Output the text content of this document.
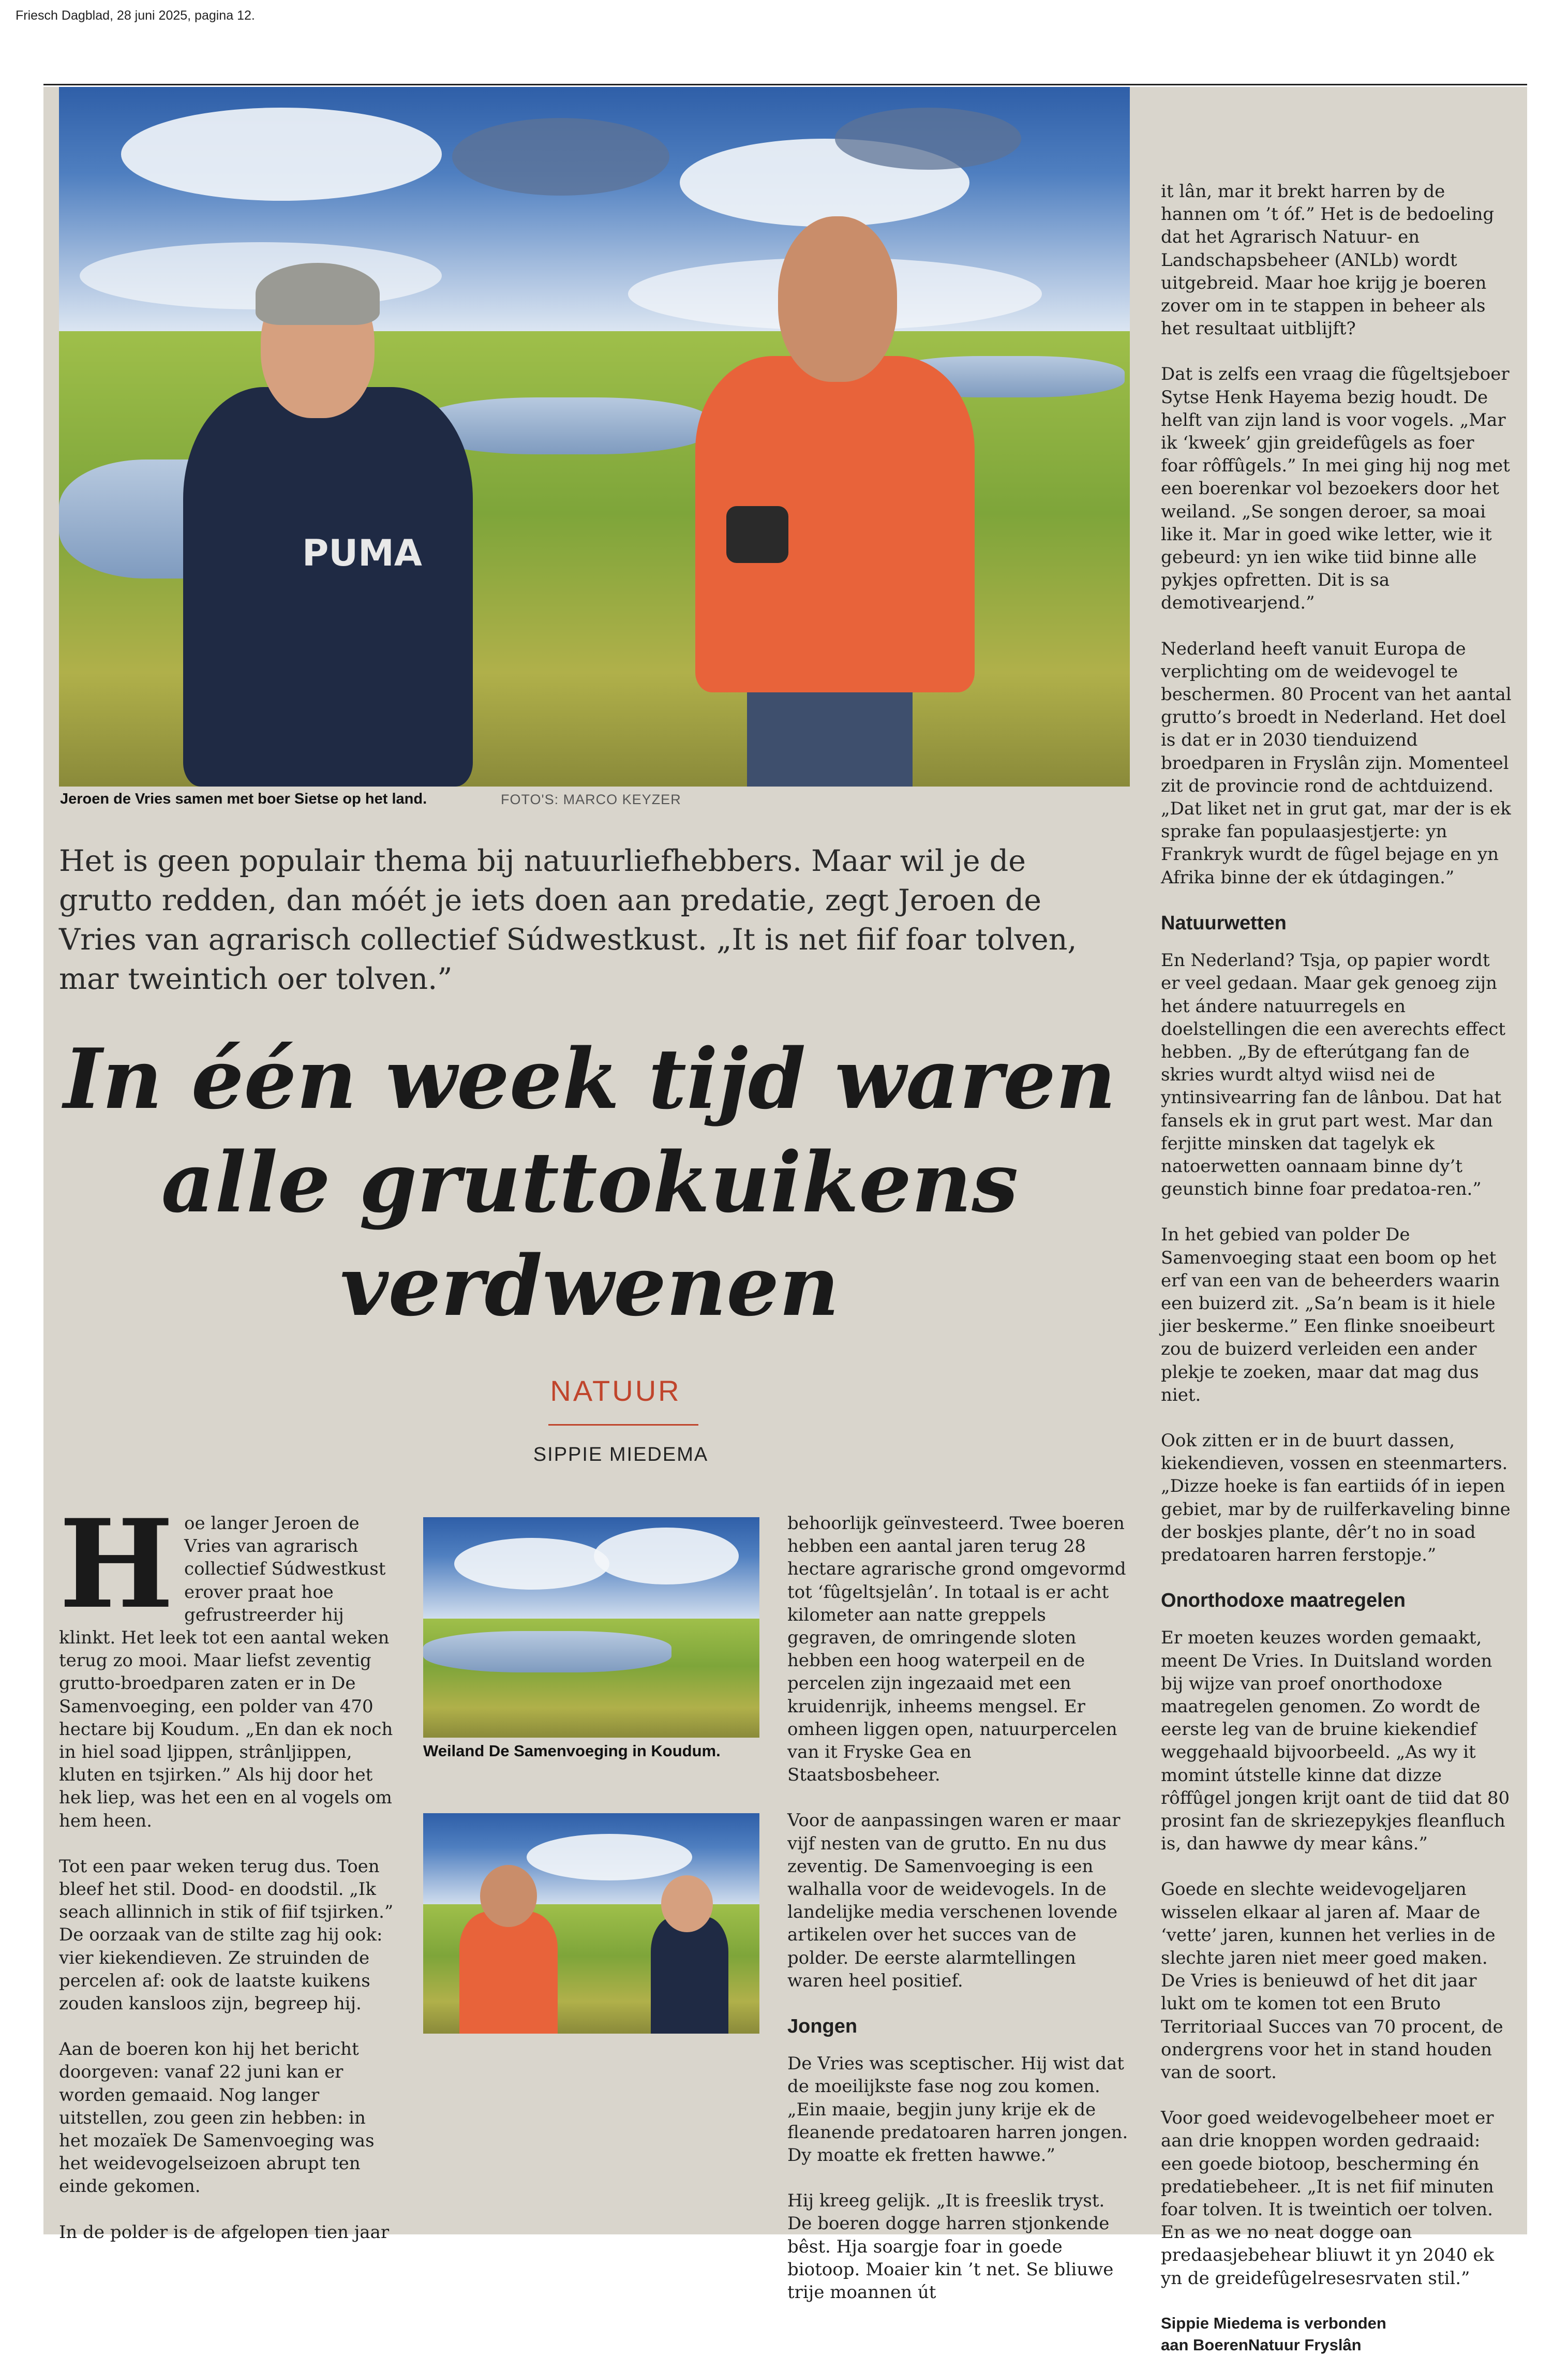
Friesch Dagblad, 28 juni 2025, pagina 12.
PUMA
Jeroen de Vries samen met boer Sietse op het land.	FOTO'S: MARCO KEYZER
Het is geen populair thema bij natuurliefhebbers. Maar wil je de grutto redden, dan móét je iets doen aan predatie, zegt Jeroen de Vries van agrarisch collectief Súdwestkust. „It is net fiif foar tolven, mar tweintich oer tolven.”
In één week tijd waren alle gruttokuikens verdwenen
NATUUR
SIPPIE MIEDEMA

Hoe langer Jeroen de Vries van agrarisch collectief Súdwestkust erover praat hoe gefrustreerder hij klinkt. Het leek tot een aantal weken terug zo mooi. Maar liefst zeventig grutto-broedparen zaten er in De Samenvoeging, een polder van 470 hectare bij Koudum. „En dan ek noch in hiel soad ljippen, strânljippen, kluten en tsjirken.” Als hij door het hek liep, was het een en al vogels om hem heen.

Tot een paar weken terug dus. Toen bleef het stil. Dood- en doodstil. „Ik seach allinnich in stik of fiif tsjirken.” De oorzaak van de stilte zag hij ook: vier kiekendieven. Ze struinden de percelen af: ook de laatste kuikens zouden kansloos zijn, begreep hij.

Aan de boeren kon hij het bericht doorgeven: vanaf 22 juni kan er worden gemaaid. Nog langer uitstellen, zou geen zin hebben: in het mozaïek De Samenvoeging was het weidevogelseizoen abrupt ten einde gekomen.

In de polder is de afgelopen tien jaar

Weiland De Samenvoeging in Koudum.

behoorlijk geïnvesteerd. Twee boeren hebben een aantal jaren terug 28 hectare agrarische grond omgevormd tot ‘fûgeltsjelân’. In totaal is er acht kilometer aan natte greppels gegraven, de omringende sloten hebben een hoog waterpeil en de percelen zijn ingezaaid met een kruidenrijk, inheems mengsel. Er omheen liggen open, natuurpercelen van it Fryske Gea en Staatsbosbeheer.

Voor de aanpassingen waren er maar vijf nesten van de grutto. En nu dus zeventig. De Samenvoeging is een walhalla voor de weidevogels. In de landelijke media verschenen lovende artikelen over het succes van de polder. De eerste alarmtellingen waren heel positief.

Jongen

De Vries was sceptischer. Hij wist dat de moeilijkste fase nog zou komen. „Ein maaie, begjin juny krije ek de fleanende predatoaren harren jongen. Dy moatte ek fretten hawwe.”

Hij kreeg gelijk. „It is freeslik tryst. De boeren dogge harren stjonkende bêst. Hja soargje foar in goede biotoop. Moaier kin ’t net. Se bliuwe trije moannen út

it lân, mar it brekt harren by de hannen om ’t óf.” Het is de bedoeling dat het Agrarisch Natuur- en Landschapsbeheer (ANLb) wordt uitgebreid. Maar hoe krijg je boeren zover om in te stappen in beheer als het resultaat uitblijft?

Dat is zelfs een vraag die fûgeltsjeboer Sytse Henk Hayema bezig houdt. De helft van zijn land is voor vogels. „Mar ik ‘kweek’ gjin greidefûgels as foer foar rôffûgels.” In mei ging hij nog met een boerenkar vol bezoekers door het weiland. „Se songen deroer, sa moai like it. Mar in goed wike letter, wie it gebeurd: yn ien wike tiid binne alle pykjes opfretten. Dit is sa demotivearjend.”

Nederland heeft vanuit Europa de verplichting om de weidevogel te beschermen. 80 Procent van het aantal grutto’s broedt in Nederland. Het doel is dat er in 2030 tienduizend broedparen in Fryslân zijn. Momenteel zit de provincie rond de achtduizend. „Dat liket net in grut gat, mar der is ek sprake fan populaasjestjerte: yn Frankryk wurdt de fûgel bejage en yn Afrika binne der ek útdagingen.”

Natuurwetten

En Nederland? Tsja, op papier wordt er veel gedaan. Maar gek genoeg zijn het ándere natuurregels en doelstellingen die een averechts effect hebben. „By de efterútgang fan de skries wurdt altyd wiisd nei de yntinsivearring fan de lânbou. Dat hat fansels ek in grut part west. Mar dan ferjitte minsken dat tagelyk ek natoerwetten oannaam binne dy’t geunstich binne foar predatoa-ren.”

In het gebied van polder De Samenvoeging staat een boom op het erf van een van de beheerders waarin een buizerd zit. „Sa’n beam is it hiele jier beskerme.” Een flinke snoeibeurt zou de buizerd verleiden een ander plekje te zoeken, maar dat mag dus niet.

Ook zitten er in de buurt dassen, kiekendieven, vossen en steenmarters. „Dizze hoeke is fan eartiids óf in iepen gebiet, mar by de ruilferkaveling binne der boskjes plante, dêr’t no in soad predatoaren harren ferstopje.”

Onorthodoxe maatregelen

Er moeten keuzes worden gemaakt, meent De Vries. In Duitsland worden bij wijze van proef onorthodoxe maatregelen genomen. Zo wordt de eerste leg van de bruine kiekendief weggehaald bijvoorbeeld. „As wy it momint útstelle kinne dat dizze rôffûgel jongen krijt oant de tiid dat 80 prosint fan de skriezepykjes fleanfluch is, dan hawwe dy mear kâns.”

Goede en slechte weidevogeljaren wisselen elkaar al jaren af. Maar de ‘vette’ jaren, kunnen het verlies in de slechte jaren niet meer goed maken. De Vries is benieuwd of het dit jaar lukt om te komen tot een Bruto Territoriaal Succes van 70 procent, de ondergrens voor het in stand houden van de soort.

Voor goed weidevogelbeheer moet er aan drie knoppen worden gedraaid: een goede biotoop, bescherming én predatiebeheer. „It is net fiif minuten foar tolven. It is tweintich oer tolven. En as we no neat dogge oan predaasjebehear bliuwt it yn 2040 ek yn de greidefûgelresesrvaten stil.”

Sippie Miedema is verbonden
aan BoerenNatuur Fryslân
